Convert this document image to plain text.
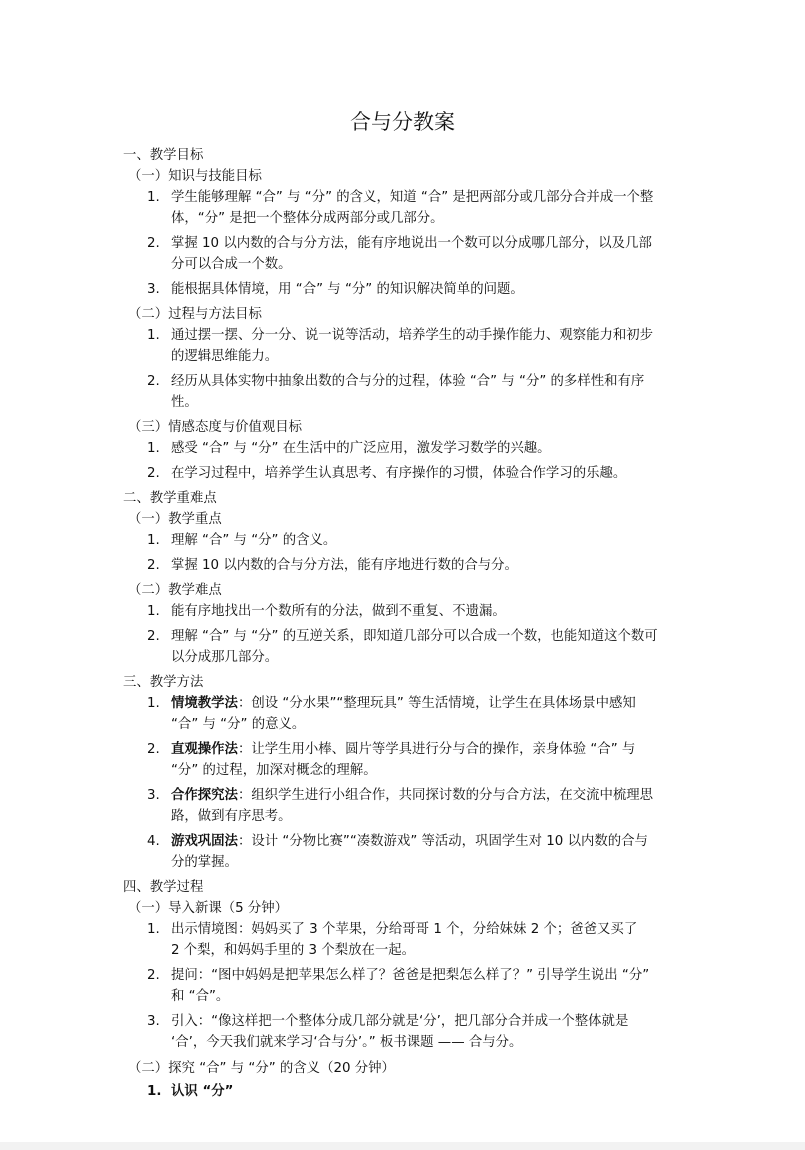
合与分教案
一、教学目标
（一）知识与技能目标
1. 学生能够理解 “合” 与 “分” 的含义，知道 “合” 是把两部分或几部分合并成一个整
体，“分” 是把一个整体分成两部分或几部分。
2. 掌握 10 以内数的合与分方法，能有序地说出一个数可以分成哪几部分，以及几部
分可以合成一个数。
3. 能根据具体情境，用 “合” 与 “分” 的知识解决简单的问题。
（二）过程与方法目标
1. 通过摆一摆、分一分、说一说等活动，培养学生的动手操作能力、观察能力和初步
的逻辑思维能力。
2. 经历从具体实物中抽象出数的合与分的过程，体验 “合” 与 “分” 的多样性和有序
性。
（三）情感态度与价值观目标
1. 感受 “合” 与 “分” 在生活中的广泛应用，激发学习数学的兴趣。
2. 在学习过程中，培养学生认真思考、有序操作的习惯，体验合作学习的乐趣。
二、教学重难点
（一）教学重点
1. 理解 “合” 与 “分” 的含义。
2. 掌握 10 以内数的合与分方法，能有序地进行数的合与分。
（二）教学难点
1. 能有序地找出一个数所有的分法，做到不重复、不遗漏。
2. 理解 “合” 与 “分” 的互逆关系，即知道几部分可以合成一个数，也能知道这个数可
以分成那几部分。
三、教学方法
1. 情境教学法：创设 “分水果”“整理玩具” 等生活情境，让学生在具体场景中感知
“合” 与 “分” 的意义。
2. 直观操作法：让学生用小棒、圆片等学具进行分与合的操作，亲身体验 “合” 与
“分” 的过程，加深对概念的理解。
3. 合作探究法：组织学生进行小组合作，共同探讨数的分与合方法，在交流中梳理思
路，做到有序思考。
4. 游戏巩固法：设计 “分物比赛”“凑数游戏” 等活动，巩固学生对 10 以内数的合与
分的掌握。
四、教学过程
（一）导入新课（5 分钟）
1. 出示情境图：妈妈买了 3 个苹果，分给哥哥 1 个，分给妹妹 2 个；爸爸又买了
2 个梨，和妈妈手里的 3 个梨放在一起。
2. 提问：“图中妈妈是把苹果怎么样了？爸爸是把梨怎么样了？” 引导学生说出 “分”
和 “合”。
3. 引入：“像这样把一个整体分成几部分就是‘分’，把几部分合并成一个整体就是
‘合’，今天我们就来学习‘合与分’。” 板书课题 —— 合与分。
（二）探究 “合” 与 “分” 的含义（20 分钟）
1. 认识 “分”
